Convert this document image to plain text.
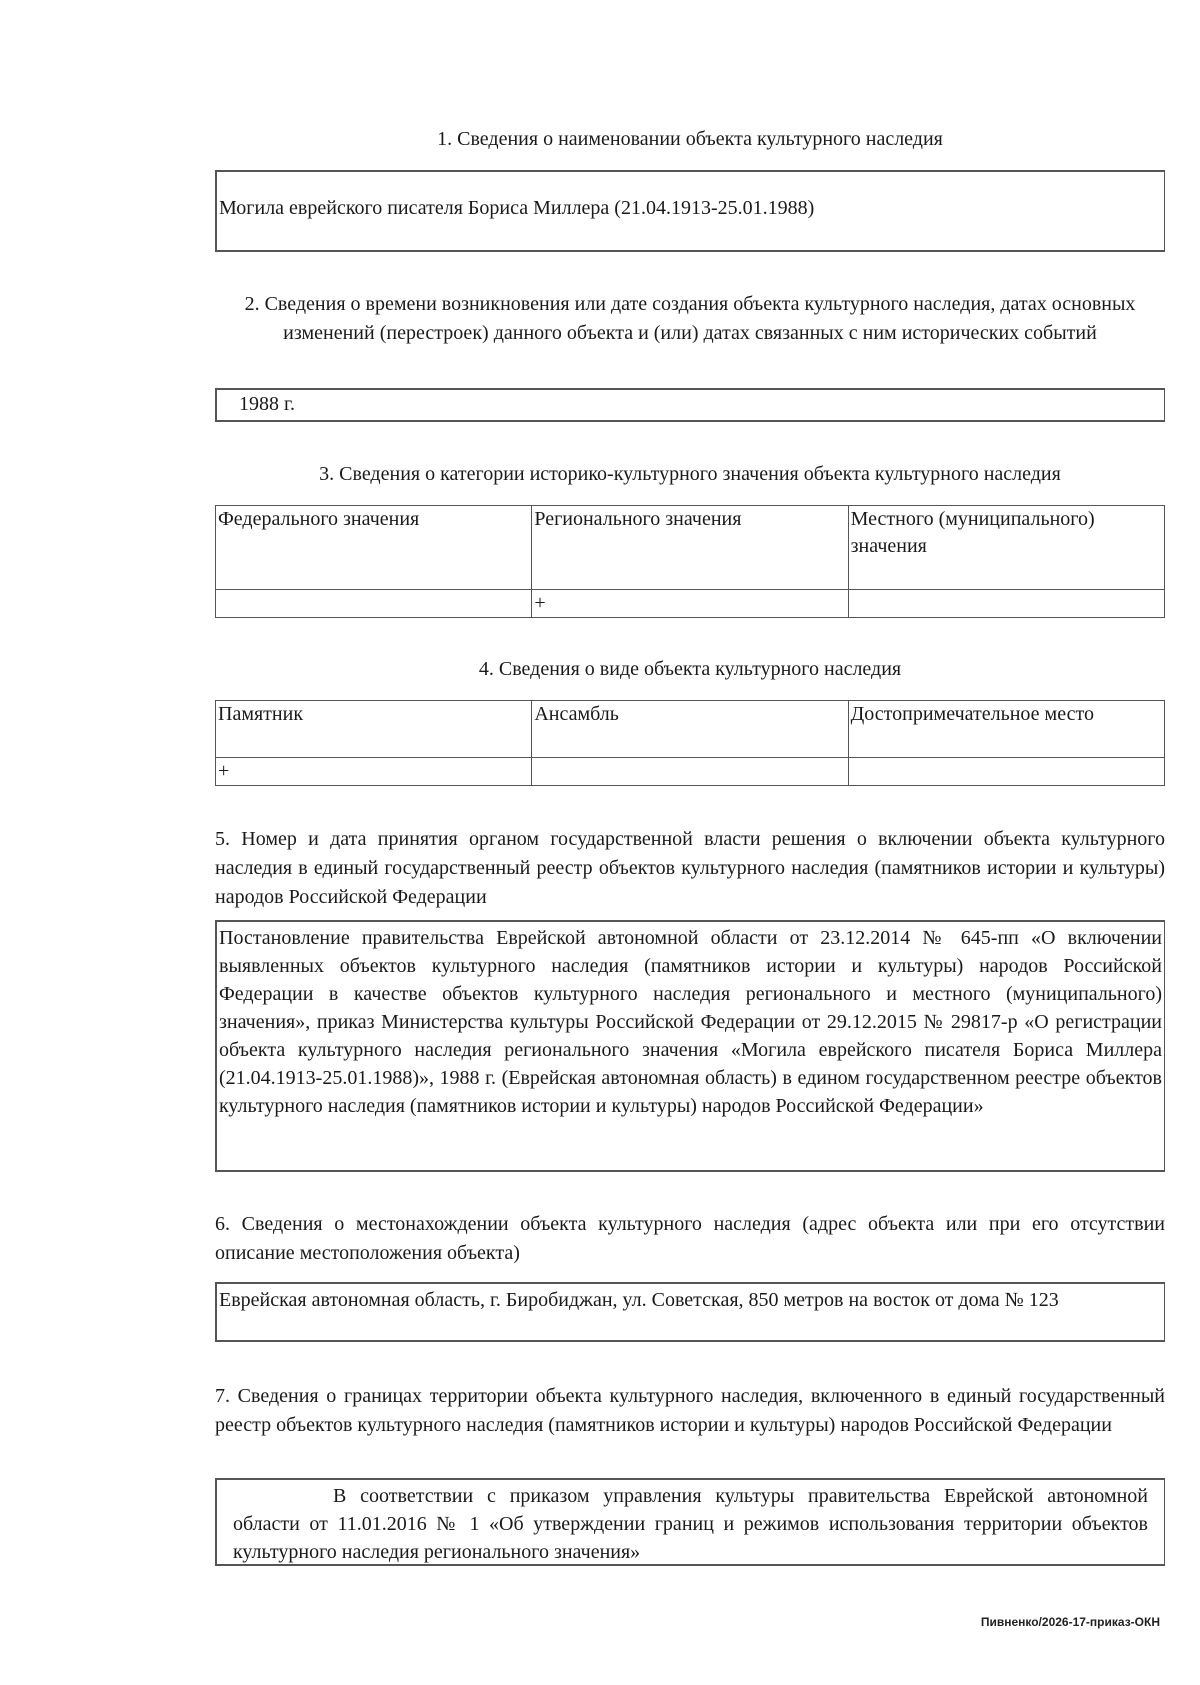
1. Сведения о наименовании объекта культурного наследия

Могила еврейского писателя Бориса Миллера (21.04.1913-25.01.1988)

2. Сведения о времени возникновения или дате создания объекта культурного наследия, датах основных изменений (перестроек) данного объекта и (или) датах связанных с ним исторических событий

1988 г.

3. Сведения о категории историко-культурного значения объекта культурного наследия

Федерального значения	Регионального значения	Местного (муниципального) значения
	+	

4. Сведения о виде объекта культурного наследия

Памятник	Ансамбль	Достопримечательное место
+		

5. Номер и дата принятия органом государственной власти решения о включении объекта культурного наследия в единый государственный реестр объектов культурного наследия (памятников истории и культуры) народов Российской Федерации

Постановление правительства Еврейской автономной области от 23.12.2014 № 645-пп «О включении выявленных объектов культурного наследия (памятников истории и культуры) народов Российской Федерации в качестве объектов культурного наследия регионального и местного (муниципального) значения», приказ Министерства культуры Российской Федерации от 29.12.2015 № 29817-р «О регистрации объекта культурного наследия регионального значения «Могила еврейского писателя Бориса Миллера (21.04.1913-25.01.1988)», 1988 г. (Еврейская автономная область) в едином государственном реестре объектов культурного наследия (памятников истории и культуры) народов Российской Федерации»

6. Сведения о местонахождении объекта культурного наследия (адрес объекта или при его отсутствии описание местоположения объекта)

Еврейская автономная область, г. Биробиджан, ул. Советская, 850 метров на восток от дома № 123

7. Сведения о границах территории объекта культурного наследия, включенного в единый государственный реестр объектов культурного наследия (памятников истории и культуры) народов Российской Федерации

В соответствии с приказом управления культуры правительства Еврейской автономной области от 11.01.2016 № 1 «Об утверждении границ и режимов использования территории объектов культурного наследия регионального значения»
Пивненко/2026-17-приказ-ОКН
